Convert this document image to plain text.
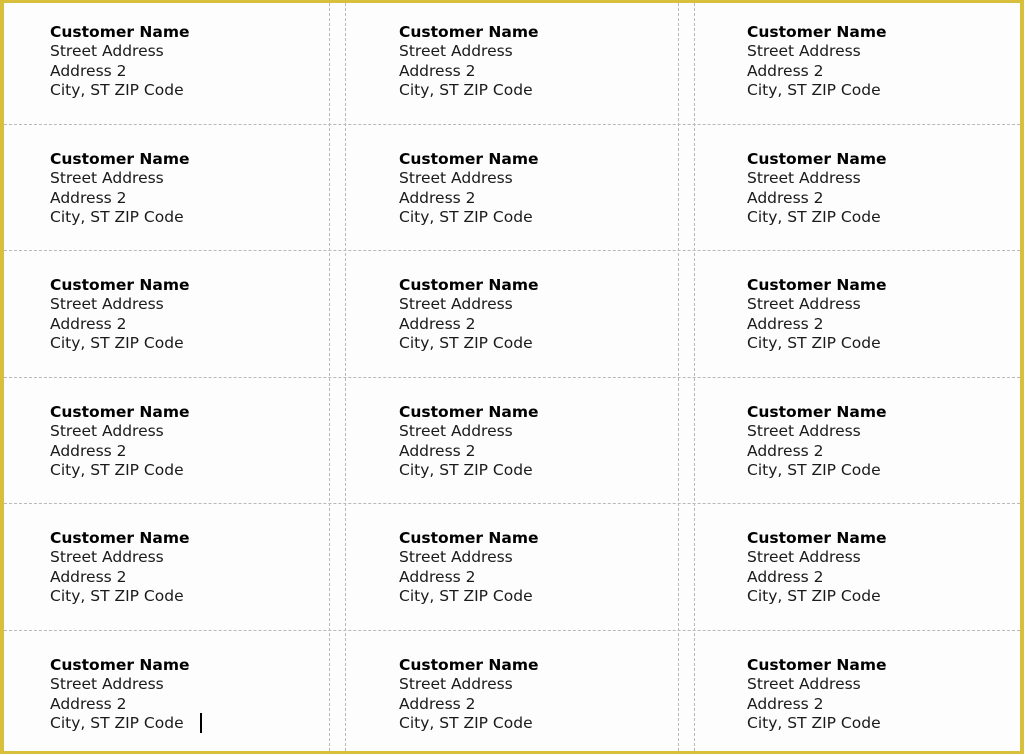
Customer Name
Street Address
Address 2
City, ST ZIP Code
Customer Name
Street Address
Address 2
City, ST ZIP Code
Customer Name
Street Address
Address 2
City, ST ZIP Code
Customer Name
Street Address
Address 2
City, ST ZIP Code
Customer Name
Street Address
Address 2
City, ST ZIP Code
Customer Name
Street Address
Address 2
City, ST ZIP Code
Customer Name
Street Address
Address 2
City, ST ZIP Code
Customer Name
Street Address
Address 2
City, ST ZIP Code
Customer Name
Street Address
Address 2
City, ST ZIP Code
Customer Name
Street Address
Address 2
City, ST ZIP Code
Customer Name
Street Address
Address 2
City, ST ZIP Code
Customer Name
Street Address
Address 2
City, ST ZIP Code
Customer Name
Street Address
Address 2
City, ST ZIP Code
Customer Name
Street Address
Address 2
City, ST ZIP Code
Customer Name
Street Address
Address 2
City, ST ZIP Code
Customer Name
Street Address
Address 2
City, ST ZIP Code
Customer Name
Street Address
Address 2
City, ST ZIP Code
Customer Name
Street Address
Address 2
City, ST ZIP Code
